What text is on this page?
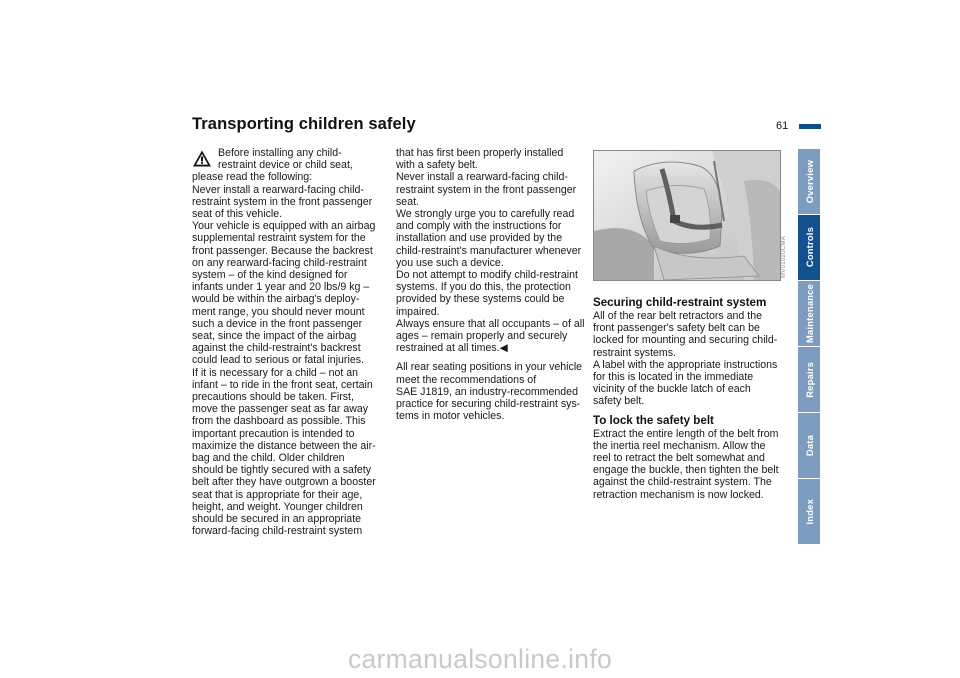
Transporting children safely	61
Before installing any child-
restraint device or child seat,
please read the following:
Never install a rearward-facing child-
restraint system in the front passenger
seat of this vehicle.
Your vehicle is equipped with an airbag
supplemental restraint system for the
front passenger. Because the backrest
on any rearward-facing child-restraint
system – of the kind designed for
infants under 1 year and 20 lbs/9 kg –
would be within the airbag's deploy-
ment range, you should never mount
such a device in the front passenger
seat, since the impact of the airbag
against the child-restraint's backrest
could lead to serious or fatal injuries.
If it is necessary for a child – not an
infant – to ride in the front seat, certain
precautions should be taken. First,
move the passenger seat as far away
from the dashboard as possible. This
important precaution is intended to
maximize the distance between the air-
bag and the child. Older children
should be tightly secured with a safety
belt after they have outgrown a booster
seat that is appropriate for their age,
height, and weight. Younger children
should be secured in an appropriate
forward-facing child-restraint system
that has first been properly installed
with a safety belt.
Never install a rearward-facing child-
restraint system in the front passenger
seat.
We strongly urge you to carefully read
and comply with the instructions for
installation and use provided by the
child-restraint's manufacturer whenever
you use such a device.
Do not attempt to modify child-restraint
systems. If you do this, the protection
provided by these systems could be
impaired.
Always ensure that all occupants – of all
ages – remain properly and securely
restrained at all times.◀
All rear seating positions in your vehicle
meet the recommendations of
SAE J1819, an industry-recommended
practice for securing child-restraint sys-
tems in motor vehicles.
MV01020CMA
Securing child-restraint system
All of the rear belt retractors and the
front passenger's safety belt can be
locked for mounting and securing child-
restraint systems.
A label with the appropriate instructions
for this is located in the immediate
vicinity of the buckle latch of each
safety belt.
To lock the safety belt
Extract the entire length of the belt from
the inertia reel mechanism. Allow the
reel to retract the belt somewhat and
engage the buckle, then tighten the belt
against the child-restraint system. The
retraction mechanism is now locked.
Overview
Controls
Maintenance
Repairs
Data
Index
carmanualsonline.info
